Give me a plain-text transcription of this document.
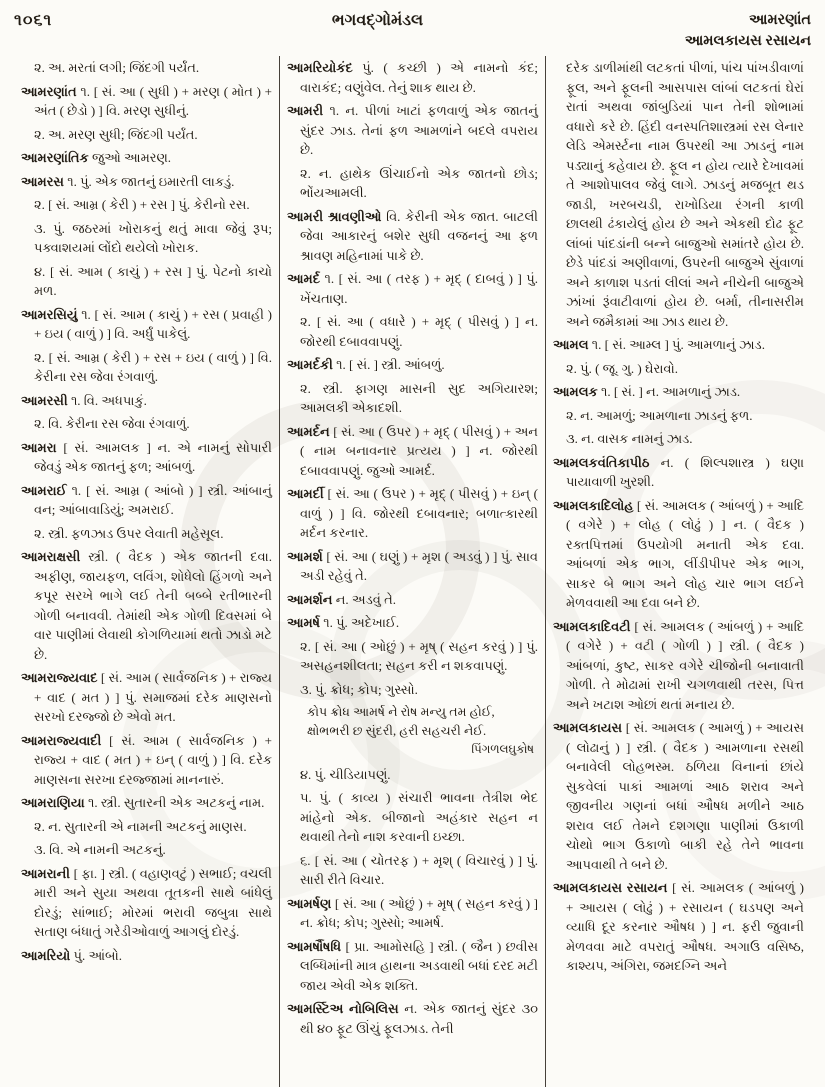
૧૦૬૧	ભગવદ્ગોમંડલ	આમરણાંત
આમલકાયસ રસાયન

૨. અ. મરતાં લગી; જિંદગી પર્યંત.

આમરણાંત ૧. [ સં. આ ( સુધી ) + મરણ ( મોત ) + અંત ( છેડો ) ] વિ. મરણ સુધીનું.

૨. અ. મરણ સુધી; જિંદગી પર્યંત.

આમરણાંતિક જુઓ આમરણ.

આમરસ ૧. પું. એક જાતનું ઇમારતી લાકડું.

૨. [ સં. આમ્ર ( કેરી ) + રસ ] પું. કેરીનો રસ.

૩. પું. જઠરમાં ખોરાકનું થતું માવા જેવું રૂપ; પક્વાશયમાં લોંદો થયેલો ખોરાક.

૪. [ સં. આમ ( કાચું ) + રસ ] પું. પેટનો કાચો મળ.

આમરસિયું ૧. [ સં. આમ ( કાચું ) + રસ ( પ્રવાહી ) + ઇય ( વાળું ) ] વિ. અર્ધું પાકેલું.

૨. [ સં. આમ્ર ( કેરી ) + રસ + ઇય ( વાળું ) ] વિ. કેરીના રસ જેવા રંગવાળું.

આમરસી ૧. વિ. અધપાકું.

૨. વિ. કેરીના રસ જેવા રંગવાળું.

આમરા [ સં. આમલક ] ન. એ નામનું સોપારી જેવડું એક જાતનું ફળ; આંબળું.

આમરાઈ ૧. [ સં. આમ્ર ( આંબો ) ] સ્ત્રી. આંબાનું વન; આંબાવાડિયું; અમરાઈ.

૨. સ્ત્રી. ફળઝાડ ઉપર લેવાતી મહેસૂલ.

આમરાક્ષસી સ્ત્રી. ( વૈદક ) એક જાતની દવા. અફીણ, જાયફળ, લવિંગ, શોધેલો હિંગળો અને કપૂર સરખે ભાગે લઈ તેની બબ્બે રતીભારની ગોળી બનાવવી. તેમાંથી એક ગોળી દિવસમાં બે વાર પાણીમાં લેવાથી કોગળિયામાં થતો ઝાડો મટે છે.

આમરાજ્યવાદ [ સં. આમ ( સાર્વજનિક ) + રાજ્ય + વાદ ( મત ) ] પું. સમાજમાં દરેક માણસનો સરખો દરજ્જો છે એવો મત.

આમરાજ્યવાદી [ સં. આમ ( સાર્વજનિક ) + રાજ્ય + વાદ ( મત ) + ઇન્ ( વાળું ) ] વિ. દરેક માણસના સરખા દરજ્જામાં માનનારું.

આમરાણિયા ૧. સ્ત્રી. સુતારની એક અટકનું નામ.

૨. ન. સુતારની એ નામની અટકનું માણસ.

૩. વિ. એ નામની અટકનું.

આમરાની [ ફા. ] સ્ત્રી. ( વહાણવટું ) સભાઈ; વચલી મારી અને સુયા અથવા તૂતકની સાથે બાંધેલું દોરડું; સાંભાઈ; મોરમાં ભરાવી જબુત્રા સાથે સતાણ બંધાતું ગરેડીઓવાળું આગલું દોરડું.

આમરિયો પું. આંબો.

આમરિયોકંદ પું. ( કચ્છી ) એ નામનો કંદ; વારાકંદ; વણુંવેલ. તેનું શાક થાય છે.

આમરી ૧. ન. પીળાં ખાટાં ફળવાળું એક જાતનું સુંદર ઝાડ. તેનાં ફળ આમળાંને બદલે વપરાય છે.

૨. ન. હાથેક ઊંચાઈનો એક જાતનો છોડ; ભોંયઆમલી.

આમરી શ્રાવણીઓ વિ. કેરીની એક જાત. બાટલી જેવા આકારનું બશેર સુધી વજનનું આ ફળ શ્રાવણ મહિનામાં પાકે છે.

આમર્દ ૧. [ સં. આ ( તરફ ) + મૃદ્ ( દાબવું ) ] પું. ખેંચતાણ.

૨. [ સં. આ ( વધારે ) + મૃદ્ ( પીસવું ) ] ન. જોરથી દબાવવાપણું.

આમર્દકી ૧. [ સં. ] સ્ત્રી. આંબળું.

૨. સ્ત્રી. ફાગણ માસની સુદ અગિયારશ; આમલકી એકાદશી.

આમર્દન [ સં. આ ( ઉપર ) + મૃદ્ ( પીસવું ) + અન ( નામ બનાવનાર પ્રત્યય ) ] ન. જોરથી દબાવવાપણું. જુઓ આમર્દ.

આમર્દી [ સં. આ ( ઉપર ) + મૃદ્ ( પીસવું ) + ઇન્ ( વાળું ) ] વિ. જોરથી દબાવનાર; બળાત્કારથી મર્દન કરનાર.

આમર્શ [ સં. આ ( ઘણું ) + મૃશ ( અડવું ) ] પું. સાવ અડી રહેવું તે.

આમર્શન ન. અડવું તે.

આમર્ષ ૧. પું. અદેખાઈ.

૨. [ સં. આ ( ઓછું ) + મૃષ્ ( સહન કરવું ) ] પું. અસહનશીલતા; સહન કરી ન શકવાપણું.

૩. પું. ક્રોધ; કોપ; ગુસ્સો.

કોપ ક્રોધ આમર્ષ ને રોષ મન્યુ તમ હોઈ,
ક્ષોભભરી છ સુંદરી, હરી સહચરી નેઈ.
પિંગળલઘુકોષ

૪. પું. ચીડિયાપણું.

૫. પું. ( કાવ્ય ) સંચારી ભાવના તેત્રીશ ભેદ માંહેનો એક. બીજાનો અહંકાર સહન ન થવાથી તેનો નાશ કરવાની ઇચ્છા.

૬. [ સં. આ ( ચોતરફ ) + મૃશ્ ( વિચારવું ) ] પું. સારી રીતે વિચાર.

આમર્ષણ [ સં. આ ( ઓછું ) + મૃષ્ ( સહન કરવું ) ] ન. ક્રોધ; કોપ; ગુસ્સો; આમર્ષ.

આમર્ષૌષધિ [ પ્રા. આમોસહિ ] સ્ત્રી. ( જૈન ) છવીસ લબ્ધિમાંની માત્ર હાથના અડવાથી બધાં દરદ મટી જાય એવી એક શક્તિ.

આમર્સ્ટિઅ નોબિલિસ ન. એક જાતનું સુંદર ૩૦ થી ૪૦ ફૂટ ઊંચું ફૂલઝાડ. તેની

દરેક ડાળીમાંથી લટકતાં પીળાં, પાંચ પાંખડીવાળાં ફૂલ, અને ફૂલની આસપાસ લાંબાં લટકતાં ઘેરાં રાતાં અથવા જાંબુડિયાં પાન તેની શોભામાં વધારો કરે છે. હિંદી વનસ્પતિશાસ્ત્રમાં રસ લેનાર લેડિ એમર્સ્ટના નામ ઉપરથી આ ઝાડનું નામ પડ્યાનું કહેવાય છે. ફૂલ ન હોય ત્યારે દેખાવમાં તે આશોપાલવ જેવું લાગે. ઝાડનું મજબૂત થડ જાડી, ખરબચડી, રાખોડિયા રંગની કાળી છાલથી ઢંકાયેલું હોય છે અને એકથી દોઢ ફૂટ લાંબાં પાંદડાંની બન્ને બાજુઓ સમાંતરે હોય છે. છેડે પાંદડાં અણીવાળાં, ઉપરની બાજુએ સુંવાળાં અને કાળાશ પડતાં લીલાં અને નીચેની બાજુએ ઝાંખાં રૂંવાટીવાળાં હોય છે. બર્મા, તીનાસરીમ અને જમૈકામાં આ ઝાડ થાય છે.

આમલ ૧. [ સં. આમ્લ ] પું. આમળાનું ઝાડ.

૨. પું. ( જૂ. ગુ. ) ઘેરાવો.

આમલક ૧. [ સં. ] ન. આમળાનું ઝાડ.

૨. ન. આમળું; આમળાના ઝાડનું ફળ.

૩. ન. વાસક નામનું ઝાડ.

આમલકવંતિકાપીઠ ન. ( શિલ્પશાસ્ત્ર ) ઘણા પાયાવાળી ખુરશી.

આમલકાદિલોહ [ સં. આમલક ( આંબળું ) + આદિ ( વગેરે ) + લોહ ( લોઢું ) ] ન. ( વૈદક ) રક્તપિત્તમાં ઉપયોગી મનાતી એક દવા. આંબળાં એક ભાગ, લીંડીપીપર એક ભાગ, સાકર બે ભાગ અને લોહ ચાર ભાગ લઈને મેળવવાથી આ દવા બને છે.

આમલકાદિવટી [ સં. આમલક ( આંબળું ) + આદિ ( વગેરે ) + વટી ( ગોળી ) ] સ્ત્રી. ( વૈદક ) આંબળાં, કુષ્ટ, સાકર વગેરે ચીજોની બનાવાતી ગોળી. તે મોઢામાં રાખી ચગળવાથી તરસ, પિત્ત અને ખટાશ ઓછાં થતાં મનાય છે.

આમલકાયસ [ સં. આમલક ( આમળું ) + આયસ ( લોઢાનું ) ] સ્ત્રી. ( વૈદક ) આમળાના રસથી બનાવેલી લોહભસ્મ. ઠળિયા વિનાનાં છાંયે સુકવેલાં પાકાં આમળાં આઠ શરાવ અને જીવનીય ગણનાં બધાં ઔષધ મળીને આઠ શરાવ લઈ તેમને દશગણા પાણીમાં ઉકાળી ચોથો ભાગ ઉકાળો બાકી રહે તેને ભાવના આપવાથી તે બને છે.

આમલકાયસ રસાયન [ સં. આમલક ( આંબળું ) + આયસ ( લોઢું ) + રસાયન ( ઘડપણ અને વ્યાધિ દૂર કરનાર ઔષધ ) ] ન. ફરી જુવાની મેળવવા માટે વપરાતું ઔષધ. અગાઉ વસિષ્ઠ, કાશ્યપ, અંગિરા, જમદગ્નિ અને
